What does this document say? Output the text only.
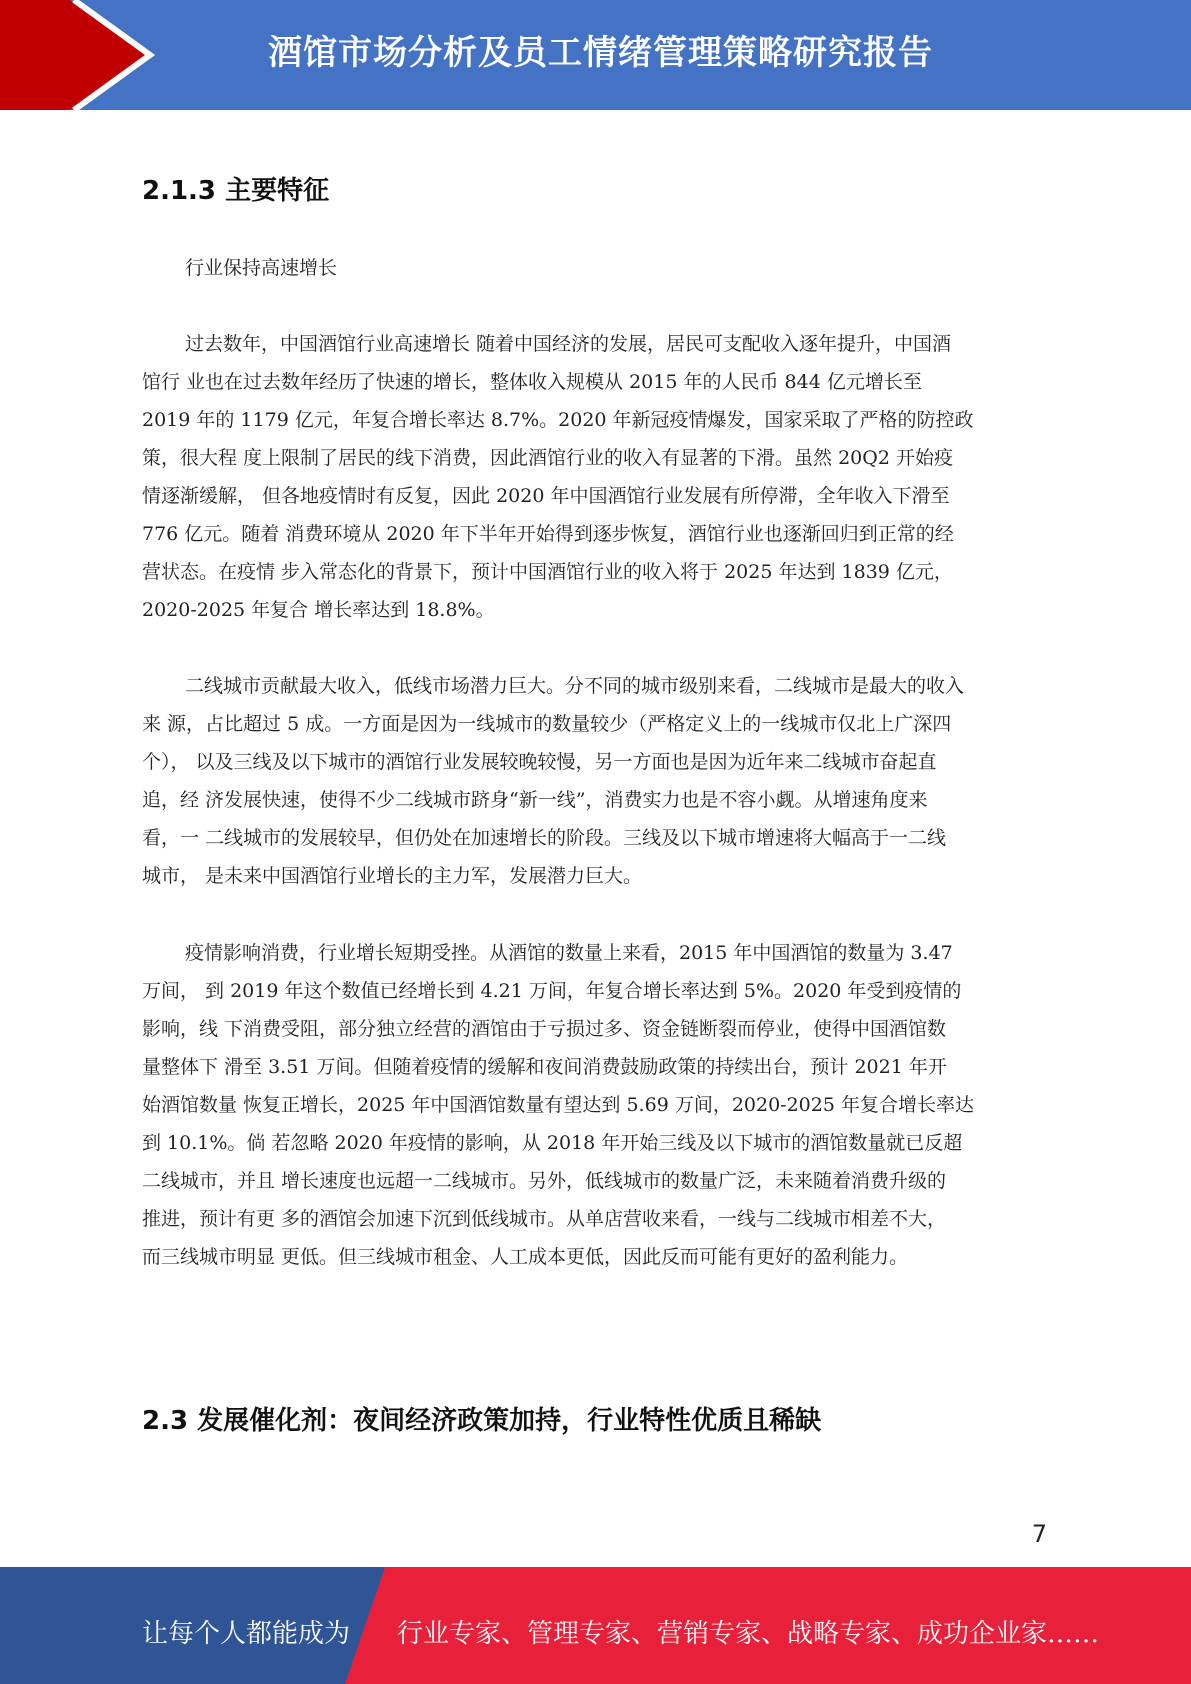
酒馆市场分析及员工情绪管理策略研究报告
2.1.3 主要特征
行业保持高速增长
过去数年，中国酒馆行业高速增长 随着中国经济的发展，居民可支配收入逐年提升，中国酒
馆行 业也在过去数年经历了快速的增长，整体收入规模从 2015 年的人民币 844 亿元增长至
2019 年的 1179 亿元，年复合增长率达 8.7%。2020 年新冠疫情爆发，国家采取了严格的防控政
策，很大程 度上限制了居民的线下消费，因此酒馆行业的收入有显著的下滑。虽然 20Q2 开始疫
情逐渐缓解， 但各地疫情时有反复，因此 2020 年中国酒馆行业发展有所停滞，全年收入下滑至
776 亿元。随着 消费环境从 2020 年下半年开始得到逐步恢复，酒馆行业也逐渐回归到正常的经
营状态。在疫情 步入常态化的背景下，预计中国酒馆行业的收入将于 2025 年达到 1839 亿元，
2020-2025 年复合 增长率达到 18.8%。
二线城市贡献最大收入，低线市场潜力巨大。分不同的城市级别来看，二线城市是最大的收入
来 源，占比超过 5 成。一方面是因为一线城市的数量较少（严格定义上的一线城市仅北上广深四
个）， 以及三线及以下城市的酒馆行业发展较晚较慢，另一方面也是因为近年来二线城市奋起直
追，经 济发展快速，使得不少二线城市跻身“新一线”，消费实力也是不容小觑。从增速角度来
看，一 二线城市的发展较早，但仍处在加速增长的阶段。三线及以下城市增速将大幅高于一二线
城市， 是未来中国酒馆行业增长的主力军，发展潜力巨大。
疫情影响消费，行业增长短期受挫。从酒馆的数量上来看，2015 年中国酒馆的数量为 3.47
万间， 到 2019 年这个数值已经增长到 4.21 万间，年复合增长率达到 5%。2020 年受到疫情的
影响，线 下消费受阻，部分独立经营的酒馆由于亏损过多、资金链断裂而停业，使得中国酒馆数
量整体下 滑至 3.51 万间。但随着疫情的缓解和夜间消费鼓励政策的持续出台，预计 2021 年开
始酒馆数量 恢复正增长，2025 年中国酒馆数量有望达到 5.69 万间，2020-2025 年复合增长率达
到 10.1%。倘 若忽略 2020 年疫情的影响，从 2018 年开始三线及以下城市的酒馆数量就已反超
二线城市，并且 增长速度也远超一二线城市。另外，低线城市的数量广泛，未来随着消费升级的
推进，预计有更 多的酒馆会加速下沉到低线城市。从单店营收来看，一线与二线城市相差不大，
而三线城市明显 更低。但三线城市租金、人工成本更低，因此反而可能有更好的盈利能力。
2.3 发展催化剂：夜间经济政策加持，行业特性优质且稀缺
7
让每个人都能成为 行业专家、管理专家、营销专家、战略专家、成功企业家……
